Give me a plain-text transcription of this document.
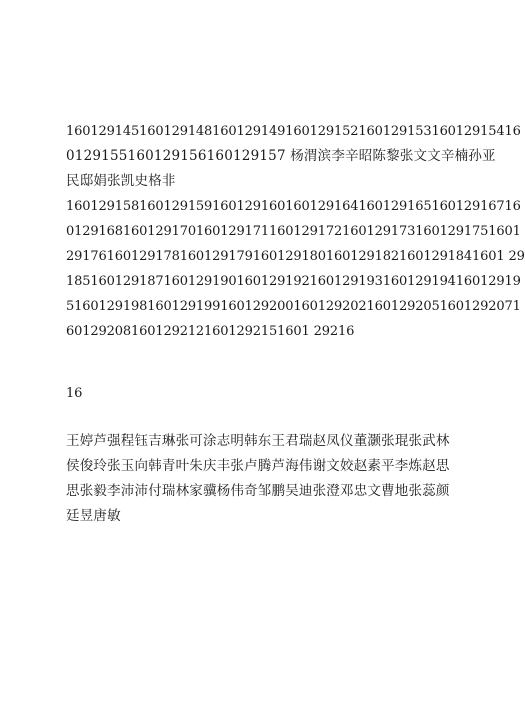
16012914516012914816012914916012915216012915316012915416
0129155160129156160129157 杨渭滨李辛昭陈黎张文文辛楠孙亚
民邸娟张凯史格非
16012915816012915916012916016012916416012916516012916716
0129168160129170160129171160129172160129173160129175160​1
291761601291781601291791601291801601291821601291841601 29
18516012918716012919016012919216012919316012919416012919
51601291981601291991601292001601292021601292051601292071
601292081601292121601292151601 29216
16
王婷芦强程钰吉琳张可涂志明韩东王君瑞赵凤仪董灏张琨张武林
侯俊玲张玉向韩青叶朱庆丰张卢腾芦海伟谢文姣赵素平李炼赵思
思张毅李沛沛付瑞林家骥杨伟奇邹鹏吴迪张澄邓忠文曹地张蕊颜
廷昱唐敏
